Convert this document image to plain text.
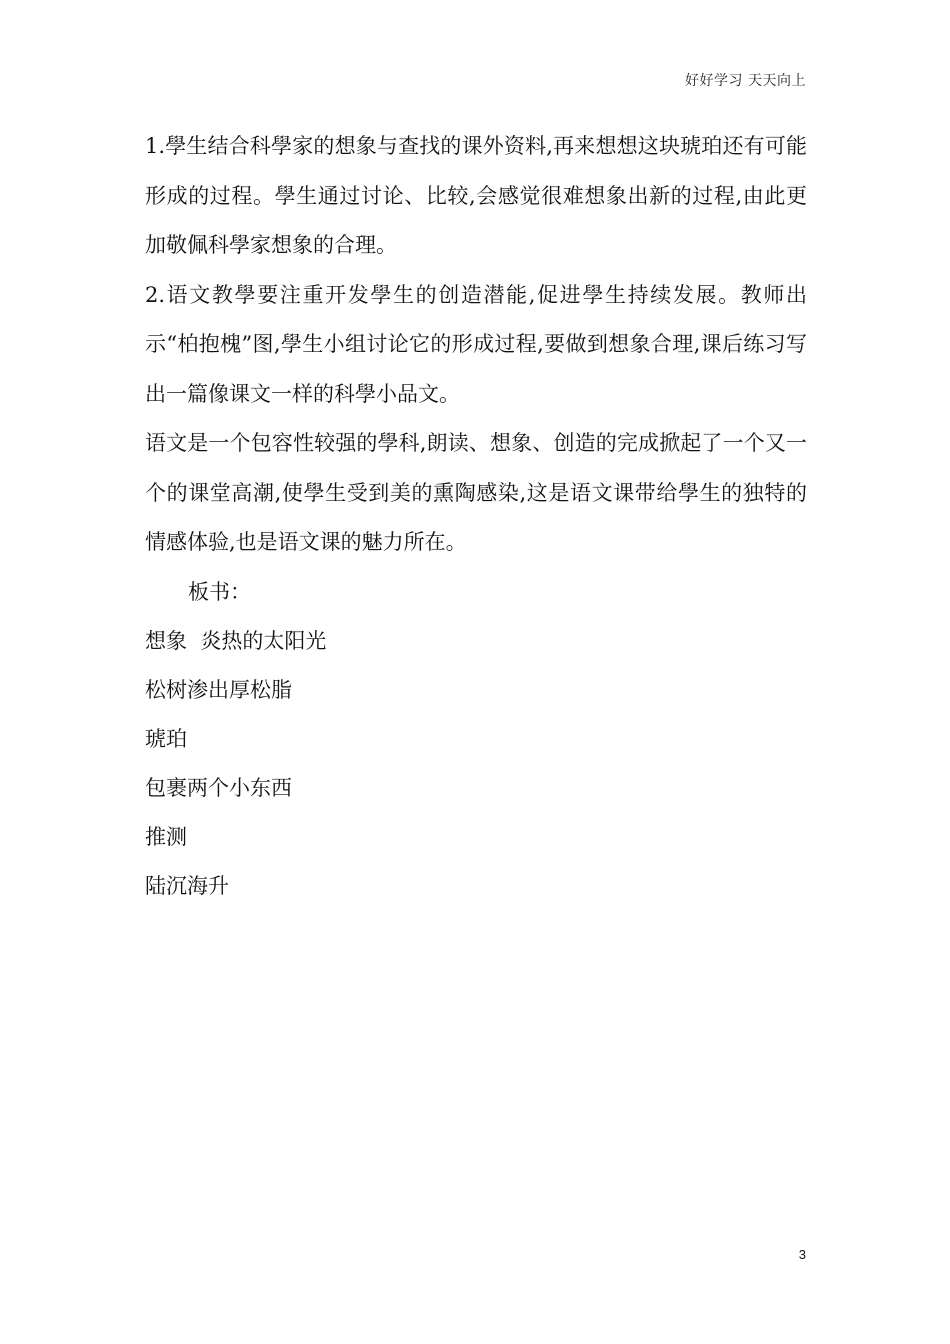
好好学习 天天向上

1.學生结合科學家的想象与查找的课外资料,再来想想这块琥珀还有可能形成的过程。學生通过讨论、比较,会感觉很难想象出新的过程,由此更加敬佩科學家想象的合理。

2.语文教學要注重开发學生的创造潜能,促进學生持续发展。教师出示“柏抱槐”图,學生小组讨论它的形成过程,要做到想象合理,课后练习写出一篇像课文一样的科學小品文。

语文是一个包容性较强的學科,朗读、想象、创造的完成掀起了一个又一个的课堂高潮,使學生受到美的熏陶感染,这是语文课带给學生的独特的情感体验,也是语文课的魅力所在。

板书：

想象  炎热的太阳光

松树渗出厚松脂

琥珀

包裹两个小东西

推测

陆沉海升

3
